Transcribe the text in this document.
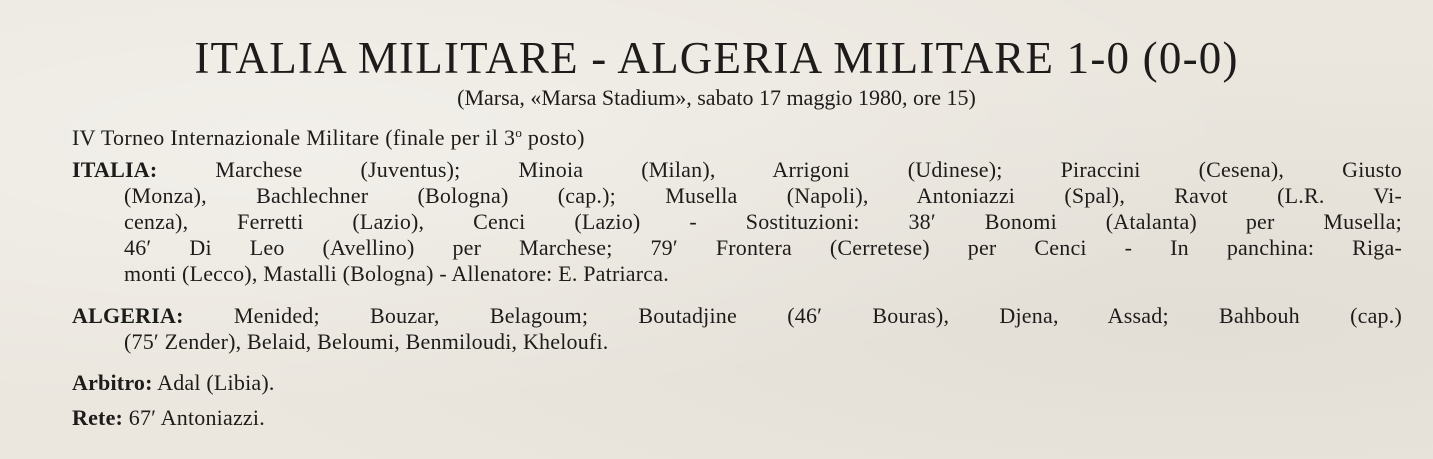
ITALIA MILITARE - ALGERIA MILITARE 1-0 (0-0)
(Marsa, «Marsa Stadium», sabato 17 maggio 1980, ore 15)
IV Torneo Internazionale Militare (finale per il 3$^o$ posto)
ITALIA:	Marchese (Juventus); Minoia (Milan), Arrigoni (Udinese); Piraccini (Cesena), Giusto
(Monza), Bachlechner (Bologna) (cap.); Musella (Napoli), Antoniazzi (Spal), Ravot (L.R. Vi-
cenza), Ferretti (Lazio), Cenci (Lazio) - Sostituzioni: 38′ Bonomi (Atalanta) per Musella;
46′ Di Leo (Avellino) per Marchese; 79′ Frontera (Cerretese) per Cenci - In panchina: Riga-
monti (Lecco), Mastalli (Bologna) - Allenatore: E. Patriarca.
ALGERIA: Menided; Bouzar, Belagoum; Boutadjine (46′ Bouras), Djena, Assad; Bahbouh (cap.)
(75′ Zender), Belaid, Beloumi, Benmiloudi, Kheloufi.
Arbitro: Adal (Libia).
Rete: 67′ Antoniazzi.
